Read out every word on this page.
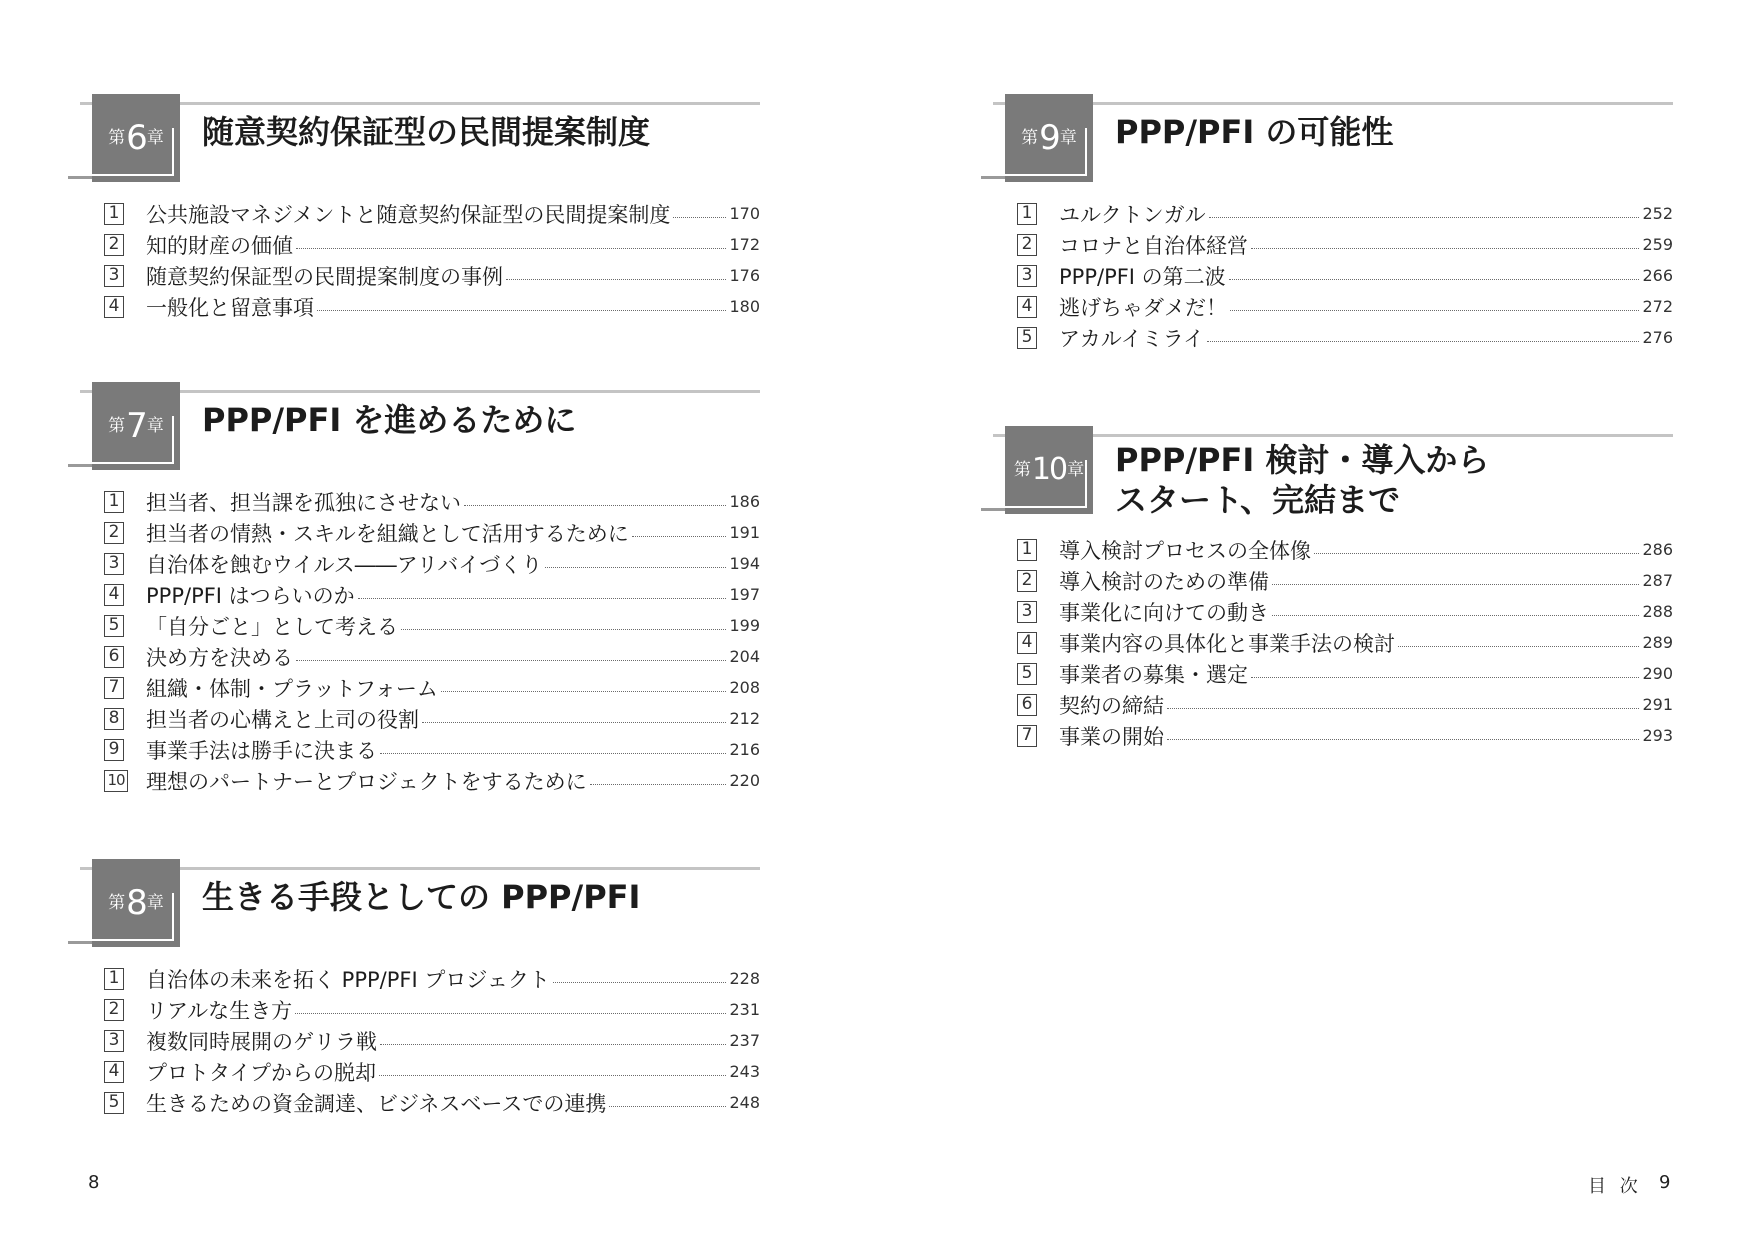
第 6 章 随意契約保証型の民間提案制度
1 公共施設マネジメントと随意契約保証型の民間提案制度	170
2 知的財産の価値	172
3 随意契約保証型の民間提案制度の事例	176
4 一般化と留意事項	180
第 7 章 PPP/PFI を進めるために
1 担当者、担当課を孤独にさせない	186
2 担当者の情熱・スキルを組織として活用するために	191
3 自治体を蝕むウイルス――アリバイづくり	194
4 PPP/PFI はつらいのか	197
5 「自分ごと」として考える	199
6 決め方を決める	204
7 組織・体制・プラットフォーム	208
8 担当者の心構えと上司の役割	212
9 事業手法は勝手に決まる	216
10 理想のパートナーとプロジェクトをするために	220
第 8 章 生きる手段としての PPP/PFI
1 自治体の未来を拓く PPP/PFI プロジェクト	228
2 リアルな生き方	231
3 複数同時展開のゲリラ戦	237
4 プロトタイプからの脱却	243
5 生きるための資金調達、ビジネスベースでの連携	248
8
第 9 章 PPP/PFI の可能性
1 ユルクトンガル	252
2 コロナと自治体経営	259
3 PPP/PFI の第二波	266
4 逃げちゃダメだ！	272
5 アカルイミライ	276
第 10 章 PPP/PFI 検討・導入から
スタート、完結まで
1 導入検討プロセスの全体像	286
2 導入検討のための準備	287
3 事業化に向けての動き	288
4 事業内容の具体化と事業手法の検討	289
5 事業者の募集・選定	290
6 契約の締結	291
7 事業の開始	293
目 次 9
